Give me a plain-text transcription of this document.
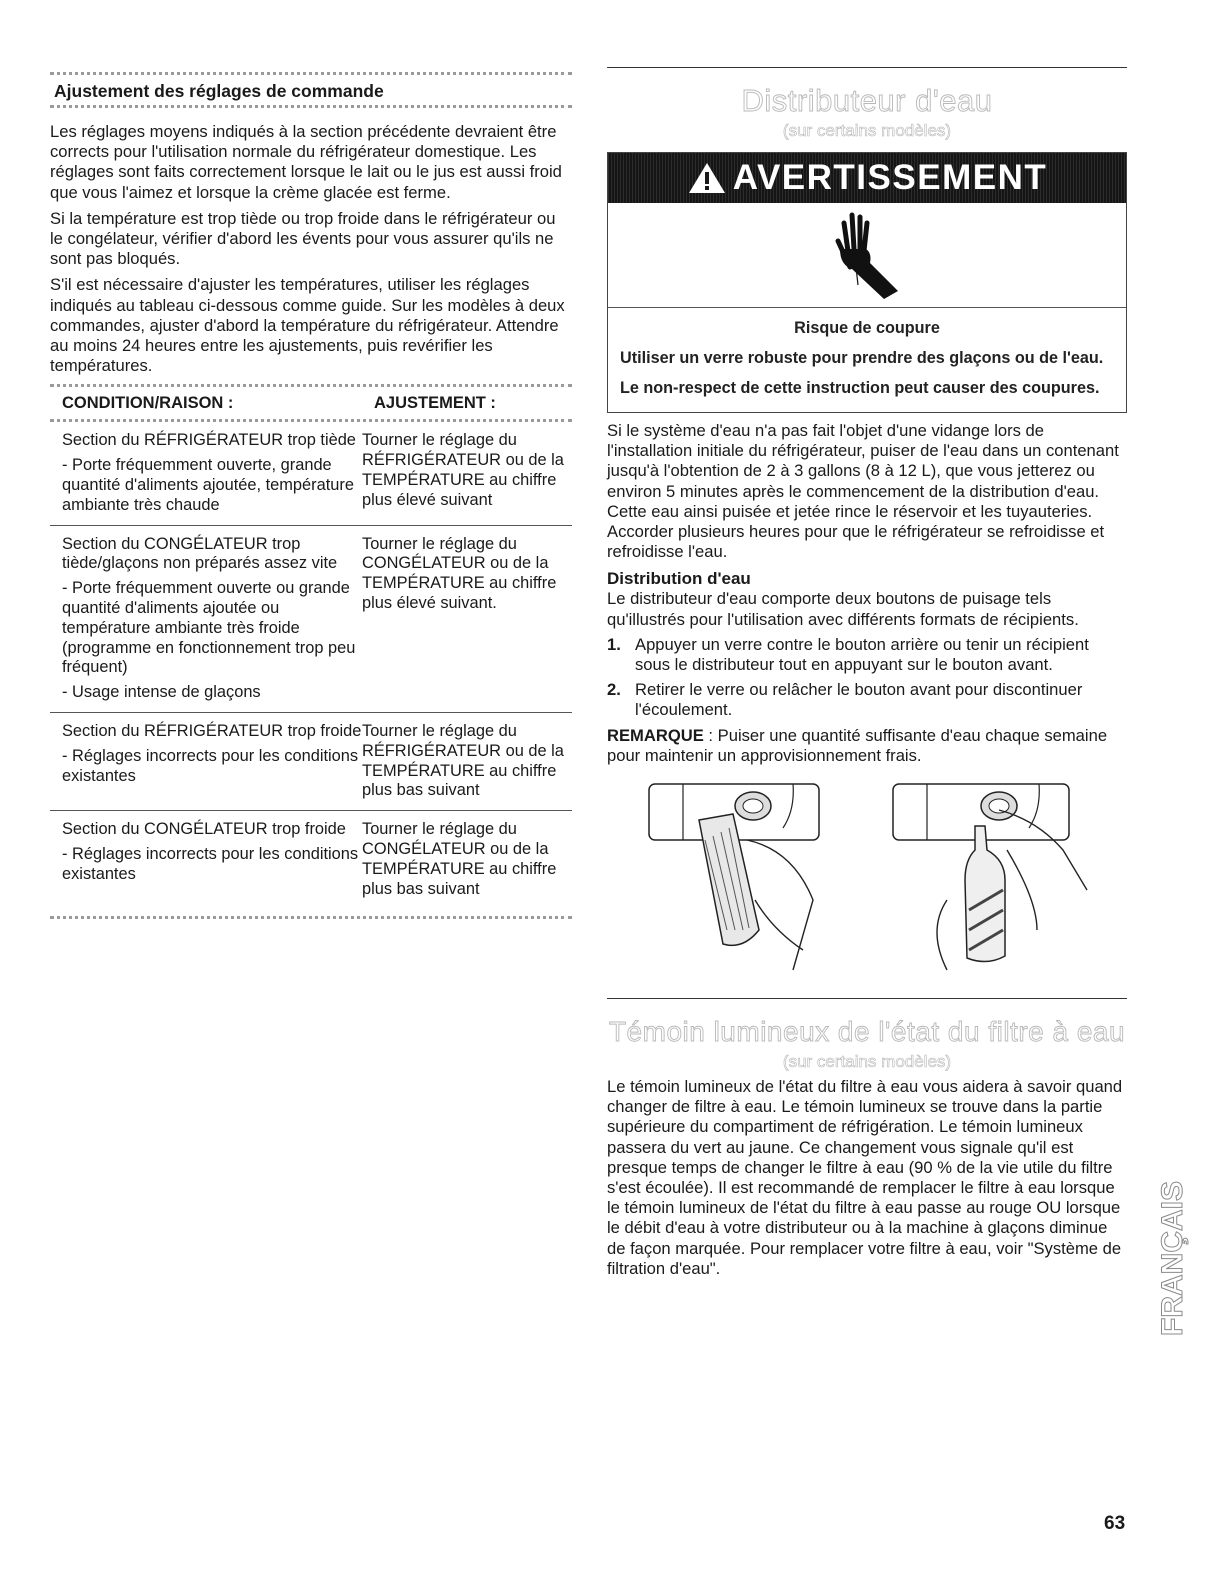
Ajustement des réglages de commande

Les réglages moyens indiqués à la section précédente devraient être corrects pour l'utilisation normale du réfrigérateur domestique. Les réglages sont faits correctement lorsque le lait ou le jus est aussi froid que vous l'aimez et lorsque la crème glacée est ferme.

Si la température est trop tiède ou trop froide dans le réfrigérateur ou le congélateur, vérifier d'abord les évents pour vous assurer qu'ils ne sont pas bloqués.

S'il est nécessaire d'ajuster les températures, utiliser les réglages indiqués au tableau ci-dessous comme guide. Sur les modèles à deux commandes, ajuster d'abord la température du réfrigérateur. Attendre au moins 24 heures entre les ajustements, puis revérifier les températures.

CONDITION/RAISON :	AJUSTEMENT :

Section du RÉFRIGÉRATEUR trop tiède

- Porte fréquemment ouverte, grande quantité d'aliments ajoutée, température ambiante très chaude

Tourner le réglage du RÉFRIGÉRATEUR ou de la TEMPÉRATURE au chiffre plus élevé suivant

Section du CONGÉLATEUR trop tiède/glaçons non préparés assez vite

- Porte fréquemment ouverte ou grande quantité d'aliments ajoutée ou température ambiante très froide (programme en fonctionnement trop peu fréquent)

- Usage intense de glaçons

Tourner le réglage du CONGÉLATEUR ou de la TEMPÉRATURE au chiffre plus élevé suivant.

Section du RÉFRIGÉRATEUR trop froide

- Réglages incorrects pour les conditions existantes

Tourner le réglage du RÉFRIGÉRATEUR ou de la TEMPÉRATURE au chiffre plus bas suivant

Section du CONGÉLATEUR trop froide

- Réglages incorrects pour les conditions existantes

Tourner le réglage du CONGÉLATEUR ou de la TEMPÉRATURE au chiffre plus bas suivant

Distributeur d'eau
(sur certains modèles)
AVERTISSEMENT

Risque de coupure

Utiliser un verre robuste pour prendre des glaçons ou de l'eau.

Le non-respect de cette instruction peut causer des coupures.

Si le système d'eau n'a pas fait l'objet d'une vidange lors de l'installation initiale du réfrigérateur, puiser de l'eau dans un contenant jusqu'à l'obtention de 2 à 3 gallons (8 à 12 L), que vous jetterez ou environ 5 minutes après le commencement de la distribution d'eau. Cette eau ainsi puisée et jetée rince le réservoir et les tuyauteries. Accorder plusieurs heures pour que le réfrigérateur se refroidisse et refroidisse l'eau.

Distribution d'eau

Le distributeur d'eau comporte deux boutons de puisage tels qu'illustrés pour l'utilisation avec différents formats de récipients.

1. Appuyer un verre contre le bouton arrière ou tenir un récipient sous le distributeur tout en appuyant sur le bouton avant.
2. Retirer le verre ou relâcher le bouton avant pour discontinuer l'écoulement.

REMARQUE : Puiser une quantité suffisante d'eau chaque semaine pour maintenir un approvisionnement frais.

Témoin lumineux de l'état du filtre à eau
(sur certains modèles)

Le témoin lumineux de l'état du filtre à eau vous aidera à savoir quand changer de filtre à eau. Le témoin lumineux se trouve dans la partie supérieure du compartiment de réfrigération. Le témoin lumineux passera du vert au jaune. Ce changement vous signale qu'il est presque temps de changer le filtre à eau (90 % de la vie utile du filtre s'est écoulée). Il est recommandé de remplacer le filtre à eau lorsque le témoin lumineux de l'état du filtre à eau passe au rouge OU lorsque le débit d'eau à votre distributeur ou à la machine à glaçons diminue de façon marquée. Pour remplacer votre filtre à eau, voir "Système de filtration d'eau".	FRANÇAIS
63
